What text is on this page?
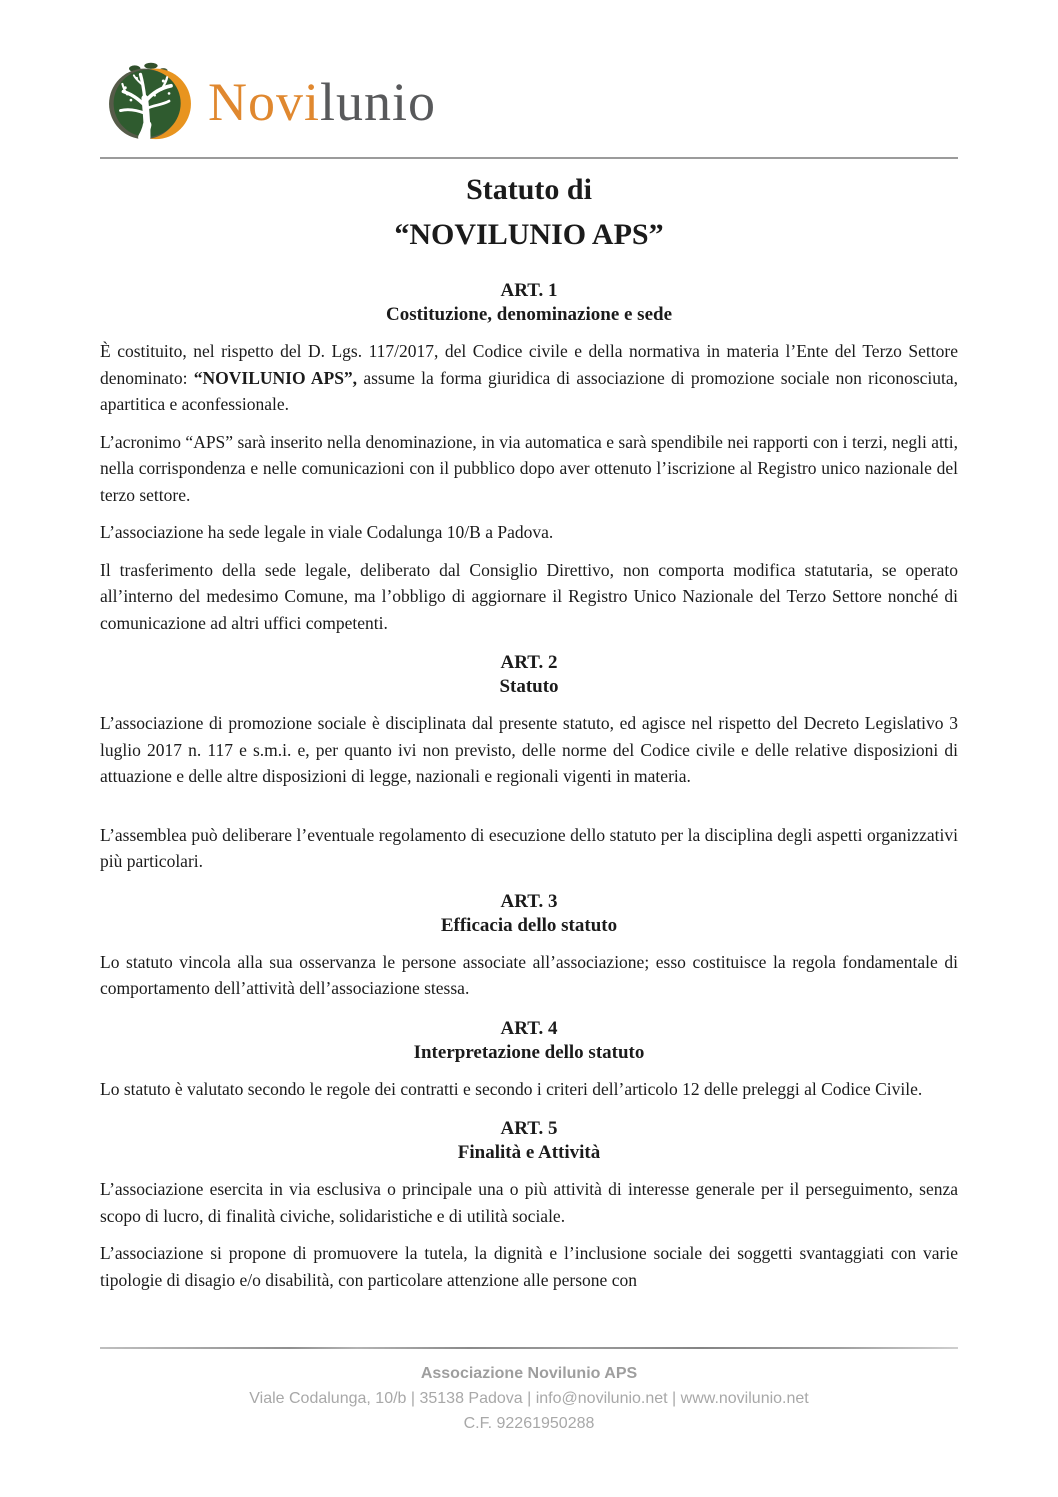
Novilunio
Statuto di
“NOVILUNIO APS”
ART. 1
Costituzione, denominazione e sede

È costituito, nel rispetto del D. Lgs. 117/2017, del Codice civile e della normativa in materia l’Ente del Terzo Settore denominato: “NOVILUNIO APS”, assume la forma giuridica di associazione di promozione sociale non riconosciuta, apartitica e aconfessionale.

L’acronimo “APS” sarà inserito nella denominazione, in via automatica e sarà spendibile nei rapporti con i terzi, negli atti, nella corrispondenza e nelle comunicazioni con il pubblico dopo aver ottenuto l’iscrizione al Registro unico nazionale del terzo settore.

L’associazione ha sede legale in viale Codalunga 10/B a Padova.

Il trasferimento della sede legale, deliberato dal Consiglio Direttivo, non comporta modifica statutaria, se operato all’interno del medesimo Comune, ma l’obbligo di aggiornare il Registro Unico Nazionale del Terzo Settore nonché di comunicazione ad altri uffici competenti.

ART. 2
Statuto

L’associazione di promozione sociale è disciplinata dal presente statuto, ed agisce nel rispetto del Decreto Legislativo 3 luglio 2017 n. 117 e s.m.i. e, per quanto ivi non previsto, delle norme del Codice civile e delle relative disposizioni di attuazione e delle altre disposizioni di legge, nazionali e regionali vigenti in materia.

L’assemblea può deliberare l’eventuale regolamento di esecuzione dello statuto per la disciplina degli aspetti organizzativi più particolari.

ART. 3
Efficacia dello statuto

Lo statuto vincola alla sua osservanza le persone associate all’associazione; esso costituisce la regola fondamentale di comportamento dell’attività dell’associazione stessa.

ART. 4
Interpretazione dello statuto

Lo statuto è valutato secondo le regole dei contratti e secondo i criteri dell’articolo 12 delle preleggi al Codice Civile.

ART. 5
Finalità e Attività

L’associazione esercita in via esclusiva o principale una o più attività di interesse generale per il perseguimento, senza scopo di lucro, di finalità civiche, solidaristiche e di utilità sociale.

L’associazione si propone di promuovere la tutela, la dignità e l’inclusione sociale dei soggetti svantaggiati con varie tipologie di disagio e/o disabilità, con particolare attenzione alle persone con

Associazione Novilunio APS
Viale Codalunga, 10/b | 35138 Padova | info@novilunio.net | www.novilunio.net
C.F. 92261950288
